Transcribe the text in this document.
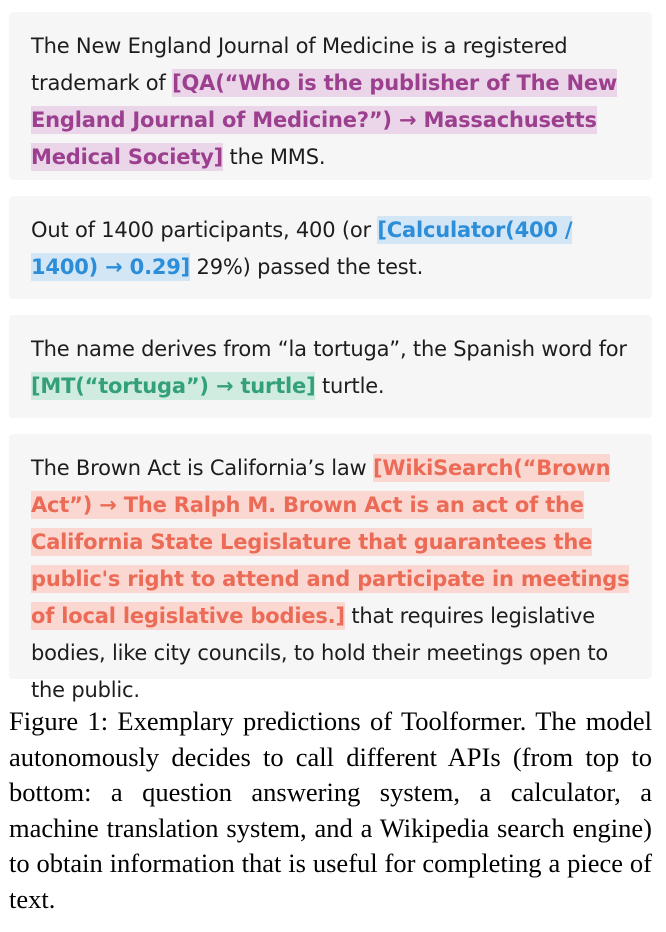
The New England Journal of Medicine is a registered trademark of [QA(“Who is the publisher of The New England Journal of Medicine?”) → Massachusetts Medical Society] the MMS.
Out of 1400 participants, 400 (or [Calculator(400 / 1400) → 0.29] 29%) passed the test.
The name derives from “la tortuga”, the Spanish word for [MT(“tortuga”) → turtle] turtle.
The Brown Act is California’s law [WikiSearch(“Brown Act”) → The Ralph M. Brown Act is an act of the California State Legislature that guarantees the public's right to attend and participate in meetings of local legislative bodies.] that requires legislative bodies, like city councils, to hold their meetings open to the public.
Figure 1: Exemplary predictions of Toolformer. The model autonomously decides to call different APIs (from top to bottom: a question answering system, a calculator, a machine translation system, and a Wikipedia search engine) to obtain information that is useful for completing a piece of text.
